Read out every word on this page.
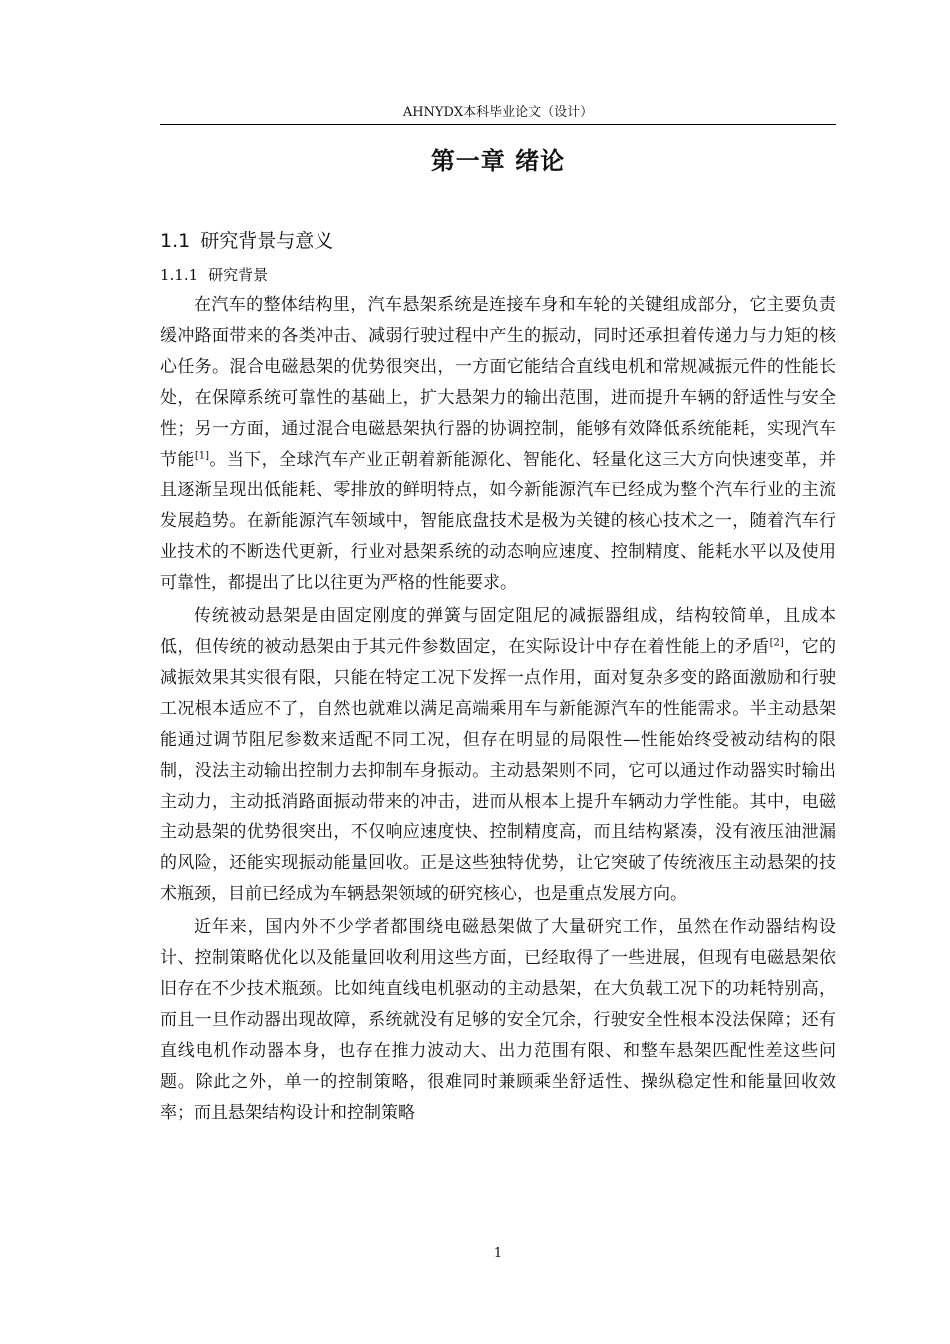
AHNYDX本科毕业论文（设计）
第一章 绪论
1.1 研究背景与意义
1.1.1 研究背景

在汽车的整体结构里，汽车悬架系统是连接车身和车轮的关键组成部分，它主要负责缓冲路面带来的各类冲击、减弱行驶过程中产生的振动，同时还承担着传递力与力矩的核心任务。混合电磁悬架的优势很突出，一方面它能结合直线电机和常规减振元件的性能长处，在保障系统可靠性的基础上，扩大悬架力的输出范围，进而提升车辆的舒适性与安全性；另一方面，通过混合电磁悬架执行器的协调控制，能够有效降低系统能耗，实现汽车节能[1]。当下，全球汽车产业正朝着新能源化、智能化、轻量化这三大方向快速变革，并且逐渐呈现出低能耗、零排放的鲜明特点，如今新能源汽车已经成为整个汽车行业的主流发展趋势。在新能源汽车领域中，智能底盘技术是极为关键的核心技术之一，随着汽车行业技术的不断迭代更新，行业对悬架系统的动态响应速度、控制精度、能耗水平以及使用可靠性，都提出了比以往更为严格的性能要求。

传统被动悬架是由固定刚度的弹簧与固定阻尼的减振器组成，结构较简单，且成本低，但传统的被动悬架由于其元件参数固定，在实际设计中存在着性能上的矛盾[2]，它的减振效果其实很有限，只能在特定工况下发挥一点作用，面对复杂多变的路面激励和行驶工况根本适应不了，自然也就难以满足高端乘用车与新能源汽车的性能需求。半主动悬架能通过调节阻尼参数来适配不同工况，但存在明显的局限性—性能始终受被动结构的限制，没法主动输出控制力去抑制车身振动。主动悬架则不同，它可以通过作动器实时输出主动力，主动抵消路面振动带来的冲击，进而从根本上提升车辆动力学性能。其中，电磁主动悬架的优势很突出，不仅响应速度快、控制精度高，而且结构紧凑，没有液压油泄漏的风险，还能实现振动能量回收。正是这些独特优势，让它突破了传统液压主动悬架的技术瓶颈，目前已经成为车辆悬架领域的研究核心，也是重点发展方向。

近年来，国内外不少学者都围绕电磁悬架做了大量研究工作，虽然在作动器结构设计、控制策略优化以及能量回收利用这些方面，已经取得了一些进展，但现有电磁悬架依旧存在不少技术瓶颈。比如纯直线电机驱动的主动悬架，在大负载工况下的功耗特别高，而且一旦作动器出现故障，系统就没有足够的安全冗余，行驶安全性根本没法保障；还有直线电机作动器本身，也存在推力波动大、出力范围有限、和整车悬架匹配性差这些问题。除此之外，单一的控制策略，很难同时兼顾乘坐舒适性、操纵稳定性和能量回收效率；而且悬架结构设计和控制策略

1
